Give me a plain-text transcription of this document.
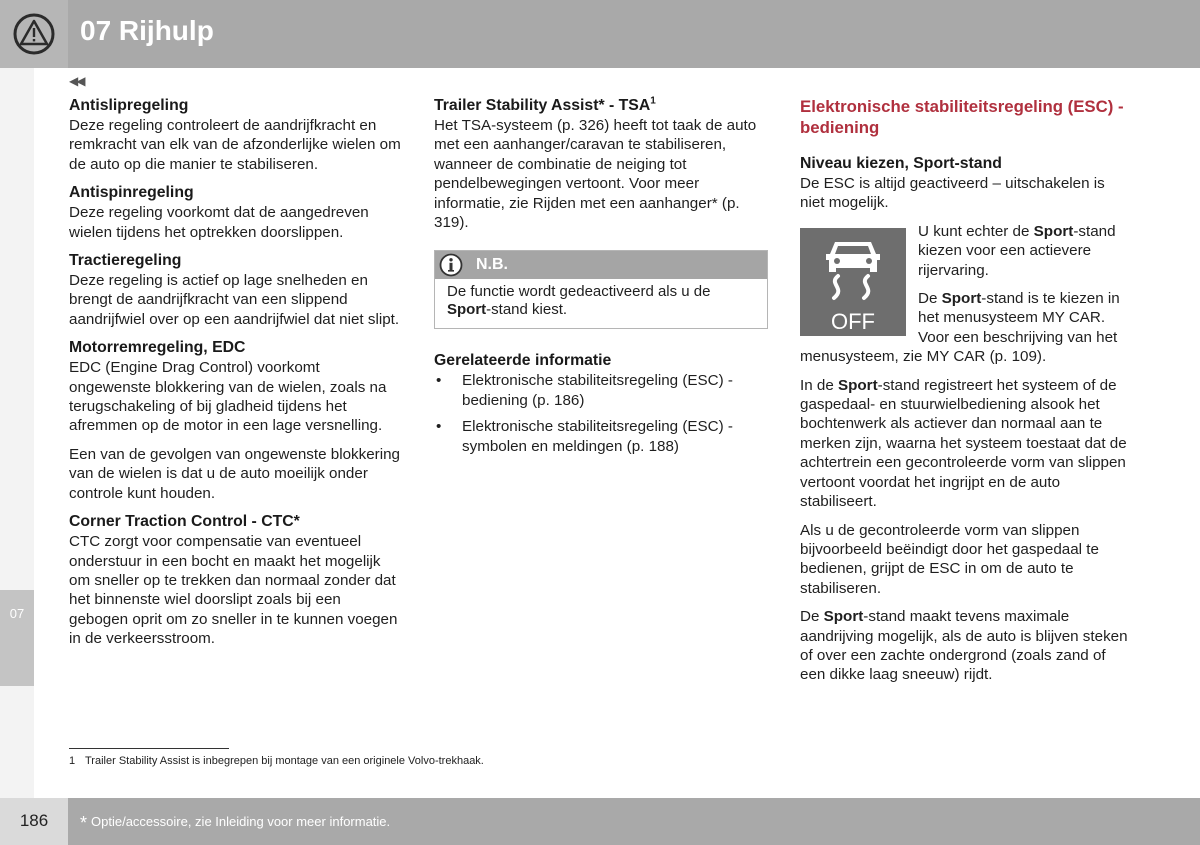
07 Rijhulp
07
◀◀
Antislipregeling

Deze regeling controleert de aandrijfkracht en remkracht van elk van de afzonderlijke wielen om de auto op die manier te stabiliseren.

Antispinregeling

Deze regeling voorkomt dat de aangedreven wielen tijdens het optrekken doorslippen.

Tractieregeling

Deze regeling is actief op lage snelheden en brengt de aandrijfkracht van een slippend aandrijfwiel over op een aandrijfwiel dat niet slipt.

Motorremregeling, EDC

EDC (Engine Drag Control) voorkomt ongewenste blokkering van de wielen, zoals na terugschakeling of bij gladheid tijdens het afremmen op de motor in een lage versnelling.

Een van de gevolgen van ongewenste blokkering van de wielen is dat u de auto moeilijk onder controle kunt houden.

Corner Traction Control - CTC*

CTC zorgt voor compensatie van eventueel onderstuur in een bocht en maakt het mogelijk om sneller op te trekken dan normaal zonder dat het binnenste wiel doorslipt zoals bij een gebogen oprit om zo sneller in te kunnen voegen in de verkeersstroom.

Trailer Stability Assist* - TSA$^1$

Het TSA-systeem (p. 326) heeft tot taak de auto met een aanhanger/caravan te stabiliseren, wanneer de combinatie de neiging tot pendelbewegingen vertoont. Voor meer informatie, zie Rijden met een aanhanger* (p. 319).

N.B.
De functie wordt gedeactiveerd als u de Sport-stand kiest.
Gerelateerde informatie
• Elektronische stabiliteitsregeling (ESC) - bediening (p. 186)
• Elektronische stabiliteitsregeling (ESC) - symbolen en meldingen (p. 188)
Elektronische stabiliteitsregeling (ESC) - bediening
Niveau kiezen, Sport-stand

De ESC is altijd geactiveerd – uitschakelen is niet mogelijk.

OFF

U kunt echter de Sport-stand kiezen voor een actievere rijervaring.

De Sport-stand is te kiezen in het menusysteem MY CAR. Voor een beschrijving van het menusysteem, zie MY CAR (p. 109).

In de Sport-stand registreert het systeem of de gaspedaal- en stuurwielbediening alsook het bochtenwerk als actiever dan normaal aan te merken zijn, waarna het systeem toestaat dat de achtertrein een gecontroleerde vorm van slippen vertoont voordat het ingrijpt en de auto stabiliseert.

Als u de gecontroleerde vorm van slippen bijvoorbeeld beëindigt door het gaspedaal te bedienen, grijpt de ESC in om de auto te stabiliseren.

De Sport-stand maakt tevens maximale aandrijving mogelijk, als de auto is blijven steken of over een zachte ondergrond (zoals zand of een dikke laag sneeuw) rijdt.

1 Trailer Stability Assist is inbegrepen bij montage van een originele Volvo-trekhaak.
186	* Optie/accessoire, zie Inleiding voor meer informatie.
